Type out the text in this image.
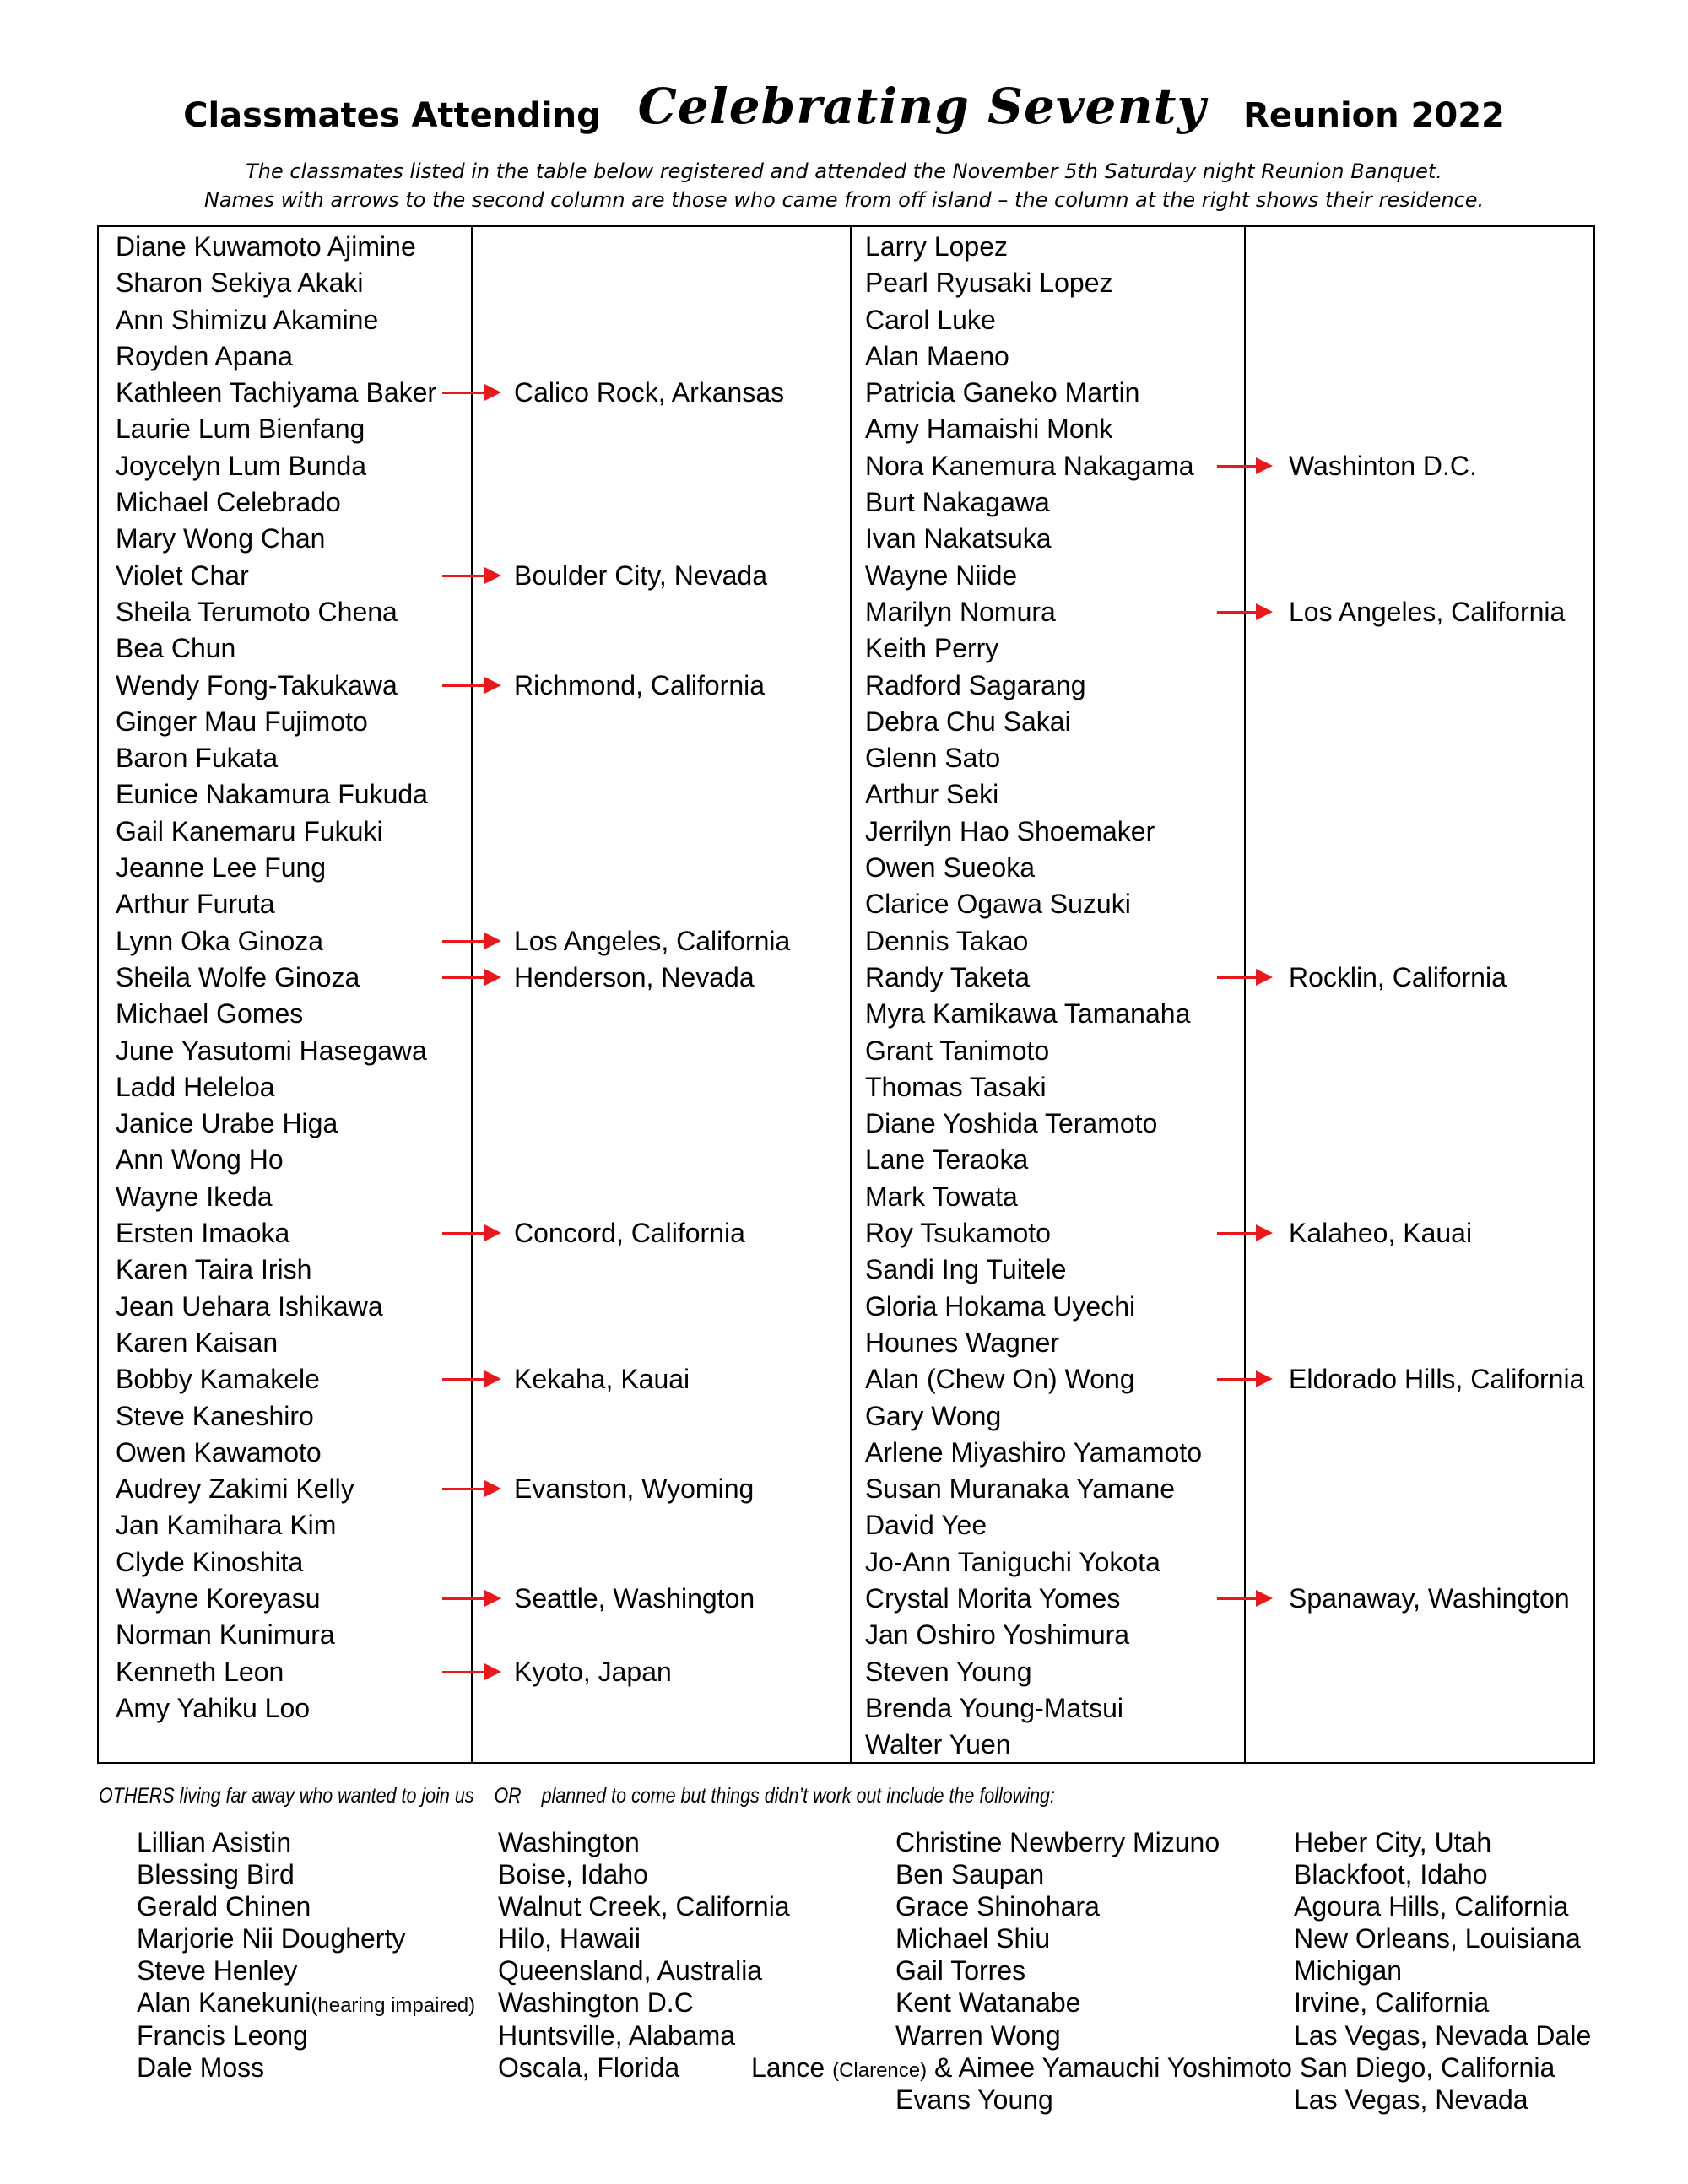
Classmates Attending Celebrating Seventy Reunion 2022
The classmates listed in the table below registered and attended the November 5th Saturday night Reunion Banquet.
Names with arrows to the second column are those who came from off island – the column at the right shows their residence.
Diane Kuwamoto Ajimine
Sharon Sekiya Akaki
Ann Shimizu Akamine
Royden Apana
Kathleen Tachiyama Baker
Laurie Lum Bienfang
Joycelyn Lum Bunda
Michael Celebrado
Mary Wong Chan
Violet Char
Sheila Terumoto Chena
Bea Chun
Wendy Fong-Takukawa
Ginger Mau Fujimoto
Baron Fukata
Eunice Nakamura Fukuda
Gail Kanemaru Fukuki
Jeanne Lee Fung
Arthur Furuta
Lynn Oka Ginoza
Sheila Wolfe Ginoza
Michael Gomes
June Yasutomi Hasegawa
Ladd Heleloa
Janice Urabe Higa
Ann Wong Ho
Wayne Ikeda
Ersten Imaoka
Karen Taira Irish
Jean Uehara Ishikawa
Karen Kaisan
Bobby Kamakele
Steve Kaneshiro
Owen Kawamoto
Audrey Zakimi Kelly
Jan Kamihara Kim
Clyde Kinoshita
Wayne Koreyasu
Norman Kunimura
Kenneth Leon
Amy Yahiku Loo
Calico Rock, Arkansas
Boulder City, Nevada
Richmond, California
Los Angeles, California
Henderson, Nevada
Concord, California
Kekaha, Kauai
Evanston, Wyoming
Seattle, Washington
Kyoto, Japan
Larry Lopez
Pearl Ryusaki Lopez
Carol Luke
Alan Maeno
Patricia Ganeko Martin
Amy Hamaishi Monk
Nora Kanemura Nakagama
Burt Nakagawa
Ivan Nakatsuka
Wayne Niide
Marilyn Nomura
Keith Perry
Radford Sagarang
Debra Chu Sakai
Glenn Sato
Arthur Seki
Jerrilyn Hao Shoemaker
Owen Sueoka
Clarice Ogawa Suzuki
Dennis Takao
Randy Taketa
Myra Kamikawa Tamanaha
Grant Tanimoto
Thomas Tasaki
Diane Yoshida Teramoto
Lane Teraoka
Mark Towata
Roy Tsukamoto
Sandi Ing Tuitele
Gloria Hokama Uyechi
Hounes Wagner
Alan (Chew On) Wong
Gary Wong
Arlene Miyashiro Yamamoto
Susan Muranaka Yamane
David Yee
Jo-Ann Taniguchi Yokota
Crystal Morita Yomes
Jan Oshiro Yoshimura
Steven Young
Brenda Young-Matsui
Walter Yuen
Washinton D.C.
Los Angeles, California
Rocklin, California
Kalaheo, Kauai
Eldorado Hills, California
Spanaway, Washington
OTHERS living far away who wanted to join us OR planned to come but things didn’t work out include the following:
Lillian Asistin
Blessing Bird
Gerald Chinen
Marjorie Nii Dougherty
Steve Henley
Alan Kanekuni(hearing impaired)
Francis Leong
Dale Moss
Washington
Boise, Idaho
Walnut Creek, California
Hilo, Hawaii
Queensland, Australia
Washington D.C
Huntsville, Alabama
Oscala, Florida
Christine Newberry Mizuno
Ben Saupan
Grace Shinohara
Michael Shiu
Gail Torres
Kent Watanabe
Warren Wong
Evans Young
Heber City, Utah
Blackfoot, Idaho
Agoura Hills, California
New Orleans, Louisiana
Michigan
Irvine, California
Las Vegas, Nevada Dale
Las Vegas, Nevada
Lance (Clarence) & Aimee Yamauchi Yoshimoto San Diego, California
